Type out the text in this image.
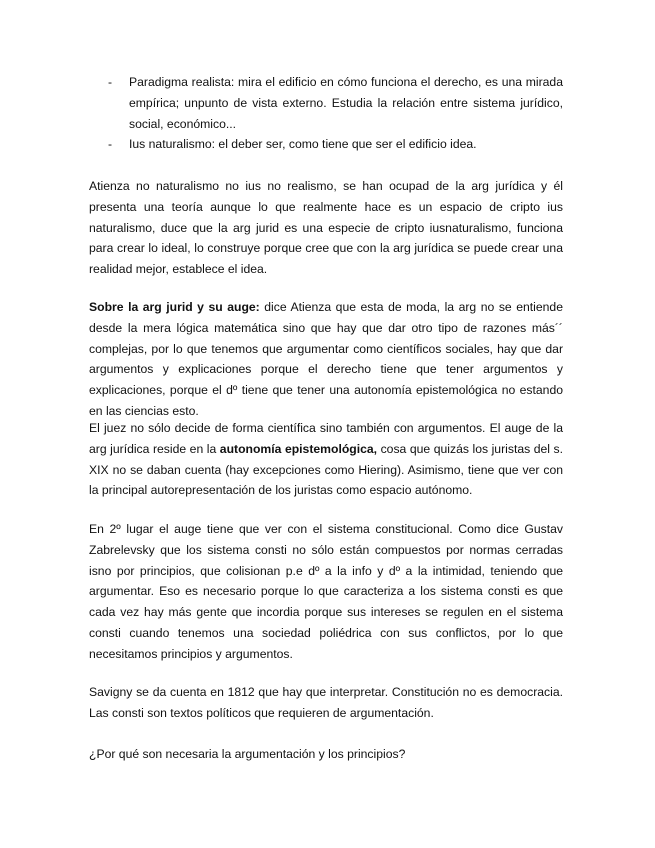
- Paradigma realista: mira el edificio en cómo funciona el derecho, es una mirada empírica; unpunto de vista externo. Estudia la relación entre sistema jurídico, social, económico...
- Ius naturalismo: el deber ser, como tiene que ser el edificio idea.

Atienza no naturalismo no ius no realismo, se han ocupad de la arg jurídica y él presenta una teoría aunque lo que realmente hace es un espacio de cripto ius naturalismo, duce que la arg jurid es una especie de cripto iusnaturalismo, funciona para crear lo ideal, lo construye porque cree que con la arg jurídica se puede crear una realidad mejor, establece el idea.

Sobre la arg jurid y su auge: dice Atienza que esta de moda, la arg no se entiende desde la mera lógica matemática sino que hay que dar otro tipo de razones más´´ complejas, por lo que tenemos que argumentar como científicos sociales, hay que dar argumentos y explicaciones porque el derecho tiene que tener argumentos y explicaciones, porque el dº tiene que tener una autonomía epistemológica no estando en las ciencias esto.

El juez no sólo decide de forma científica sino también con argumentos. El auge de la arg jurídica reside en la autonomía epistemológica, cosa que quizás los juristas del s. XIX no se daban cuenta (hay excepciones como Hiering). Asimismo, tiene que ver con la principal autorepresentación de los juristas como espacio autónomo.

En 2º lugar el auge tiene que ver con el sistema constitucional. Como dice Gustav Zabrelevsky que los sistema consti no sólo están compuestos por normas cerradas isno por principios, que colisionan p.e dº a la info y dº a la intimidad, teniendo que argumentar. Eso es necesario porque lo que caracteriza a los sistema consti es que cada vez hay más gente que incordia porque sus intereses se regulen en el sistema consti cuando tenemos una sociedad poliédrica con sus conflictos, por lo que necesitamos principios y argumentos.

Savigny se da cuenta en 1812 que hay que interpretar. Constitución no es democracia. Las consti son textos políticos que requieren de argumentación.

¿Por qué son necesaria la argumentación y los principios?
